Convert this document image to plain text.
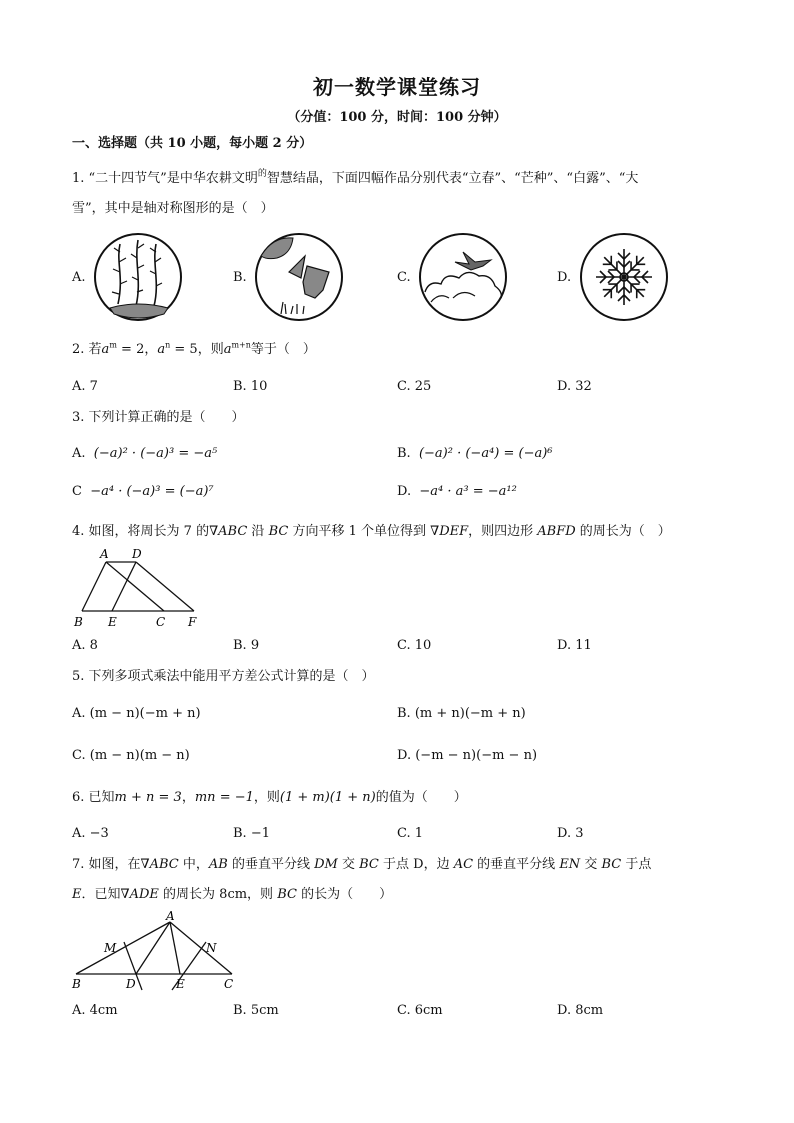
初一数学课堂练习
（分值：100 分，时间：100 分钟）
一、选择题（共 10 小题，每小题 2 分）
1. “二十四节气”是中华农耕文明$^的$智慧结晶，下面四幅作品分别代表“立春”、“芒种”、“白露”、“大
雪”，其中是轴对称图形的是（　）
A.	B.	C.	D.
2. 若$a^m = 2$，$a^n = 5$，则$a^{m+n}$等于（　）
A. 7	B. 10	C. 25	D. 32
3. 下列计算正确的是（　　）
A. (−a)² · (−a)³ = −a⁵	B. (−a)² · (−a⁴) = (−a)⁶
C −a⁴ · (−a)³ = (−a)⁷	D. −a⁴ · a³ = −a¹²
4. 如图，将周长为 7 的∇ABC 沿 BC 方向平移 1 个单位得到 ∇DEF，则四边形 ABFD 的周长为（　）
A D
B E	C F
A. 8	B. 9	C. 10	D. 11
5. 下列多项式乘法中能用平方差公式计算的是（　）
A. (m − n)(−m + n)	B. (m + n)(−m + n)
C. (m − n)(m − n)	D. (−m − n)(−m − n)
6. 已知m + n = 3，mn = −1，则(1 + m)(1 + n)的值为（　　）
A. −3	B. −1	C. 1	D. 3
7. 如图，在∇ABC 中，AB 的垂直平分线 DM 交 BC 于点 D，边 AC 的垂直平分线 EN 交 BC 于点
E．已知∇ADE 的周长为 8cm，则 BC 的长为（　　）
A
M	N
B	D	E	C
A. 4cm	B. 5cm	C. 6cm	D. 8cm
